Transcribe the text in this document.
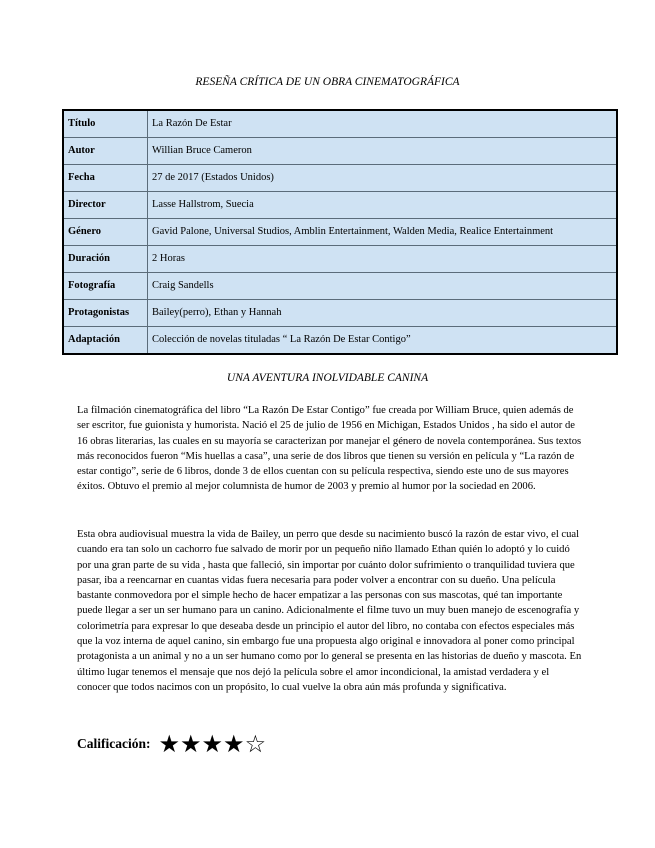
RESEÑA CRÍTICA DE UN OBRA CINEMATOGRÁFICA
Título	La Razón De Estar
Autor	Willian Bruce Cameron
Fecha	27 de 2017 (Estados Unidos)
Director	Lasse Hallstrom, Suecia
Género	Gavid Palone, Universal Studios, Amblin Entertainment, Walden Media, Realice Entertainment
Duración	2 Horas
Fotografía	Craig Sandells
Protagonistas	Bailey(perro), Ethan y Hannah
Adaptación	Colección de novelas tituladas “ La Razón De Estar Contigo”
UNA AVENTURA INOLVIDABLE CANINA

La filmación cinematográfica del libro “La Razón De Estar Contigo” fue creada por William Bruce, quien además de ser escritor, fue guionista y humorista. Nació el 25 de julio de 1956 en Michigan, Estados Unidos , ha sido el autor de 16 obras literarias, las cuales en su mayoría se caracterizan por manejar el género de novela contemporánea. Sus textos más reconocidos fueron “Mis huellas a casa”, una serie de dos libros que tienen su versión en película y “La razón de estar contigo”, serie de 6 libros, donde 3 de ellos cuentan con su película respectiva, siendo este uno de sus mayores éxitos. Obtuvo el premio al mejor columnista de humor de 2003 y premio al humor por la sociedad en 2006.

Esta obra audiovisual muestra la vida de Bailey, un perro que desde su nacimiento buscó la razón de estar vivo, el cual cuando era tan solo un cachorro fue salvado de morir por un pequeño niño llamado Ethan quién lo adoptó y lo cuidó por una gran parte de su vida , hasta que falleció, sin importar por cuánto dolor sufrimiento o tranquilidad tuviera que pasar, iba a reencarnar en cuantas vidas fuera necesaria para poder volver a encontrar con su dueño. Una película bastante conmovedora por el simple hecho de hacer empatizar a las personas con sus mascotas, qué tan importante puede llegar a ser un ser humano para un canino. Adicionalmente el filme tuvo un muy buen manejo de escenografía y colorimetría para expresar lo que deseaba desde un principio el autor del libro, no contaba con efectos especiales más que la voz interna de aquel canino, sin embargo fue una propuesta algo original e innovadora al poner como principal protagonista a un animal y no a un ser humano como por lo general se presenta en las historias de dueño y mascota. En último lugar tenemos el mensaje que nos dejó la película sobre el amor incondicional, la amistad verdadera y el conocer que todos nacimos con un propósito, lo cual vuelve la obra aún más profunda y significativa.

Calificación: ★ ★ ★ ★ ☆
